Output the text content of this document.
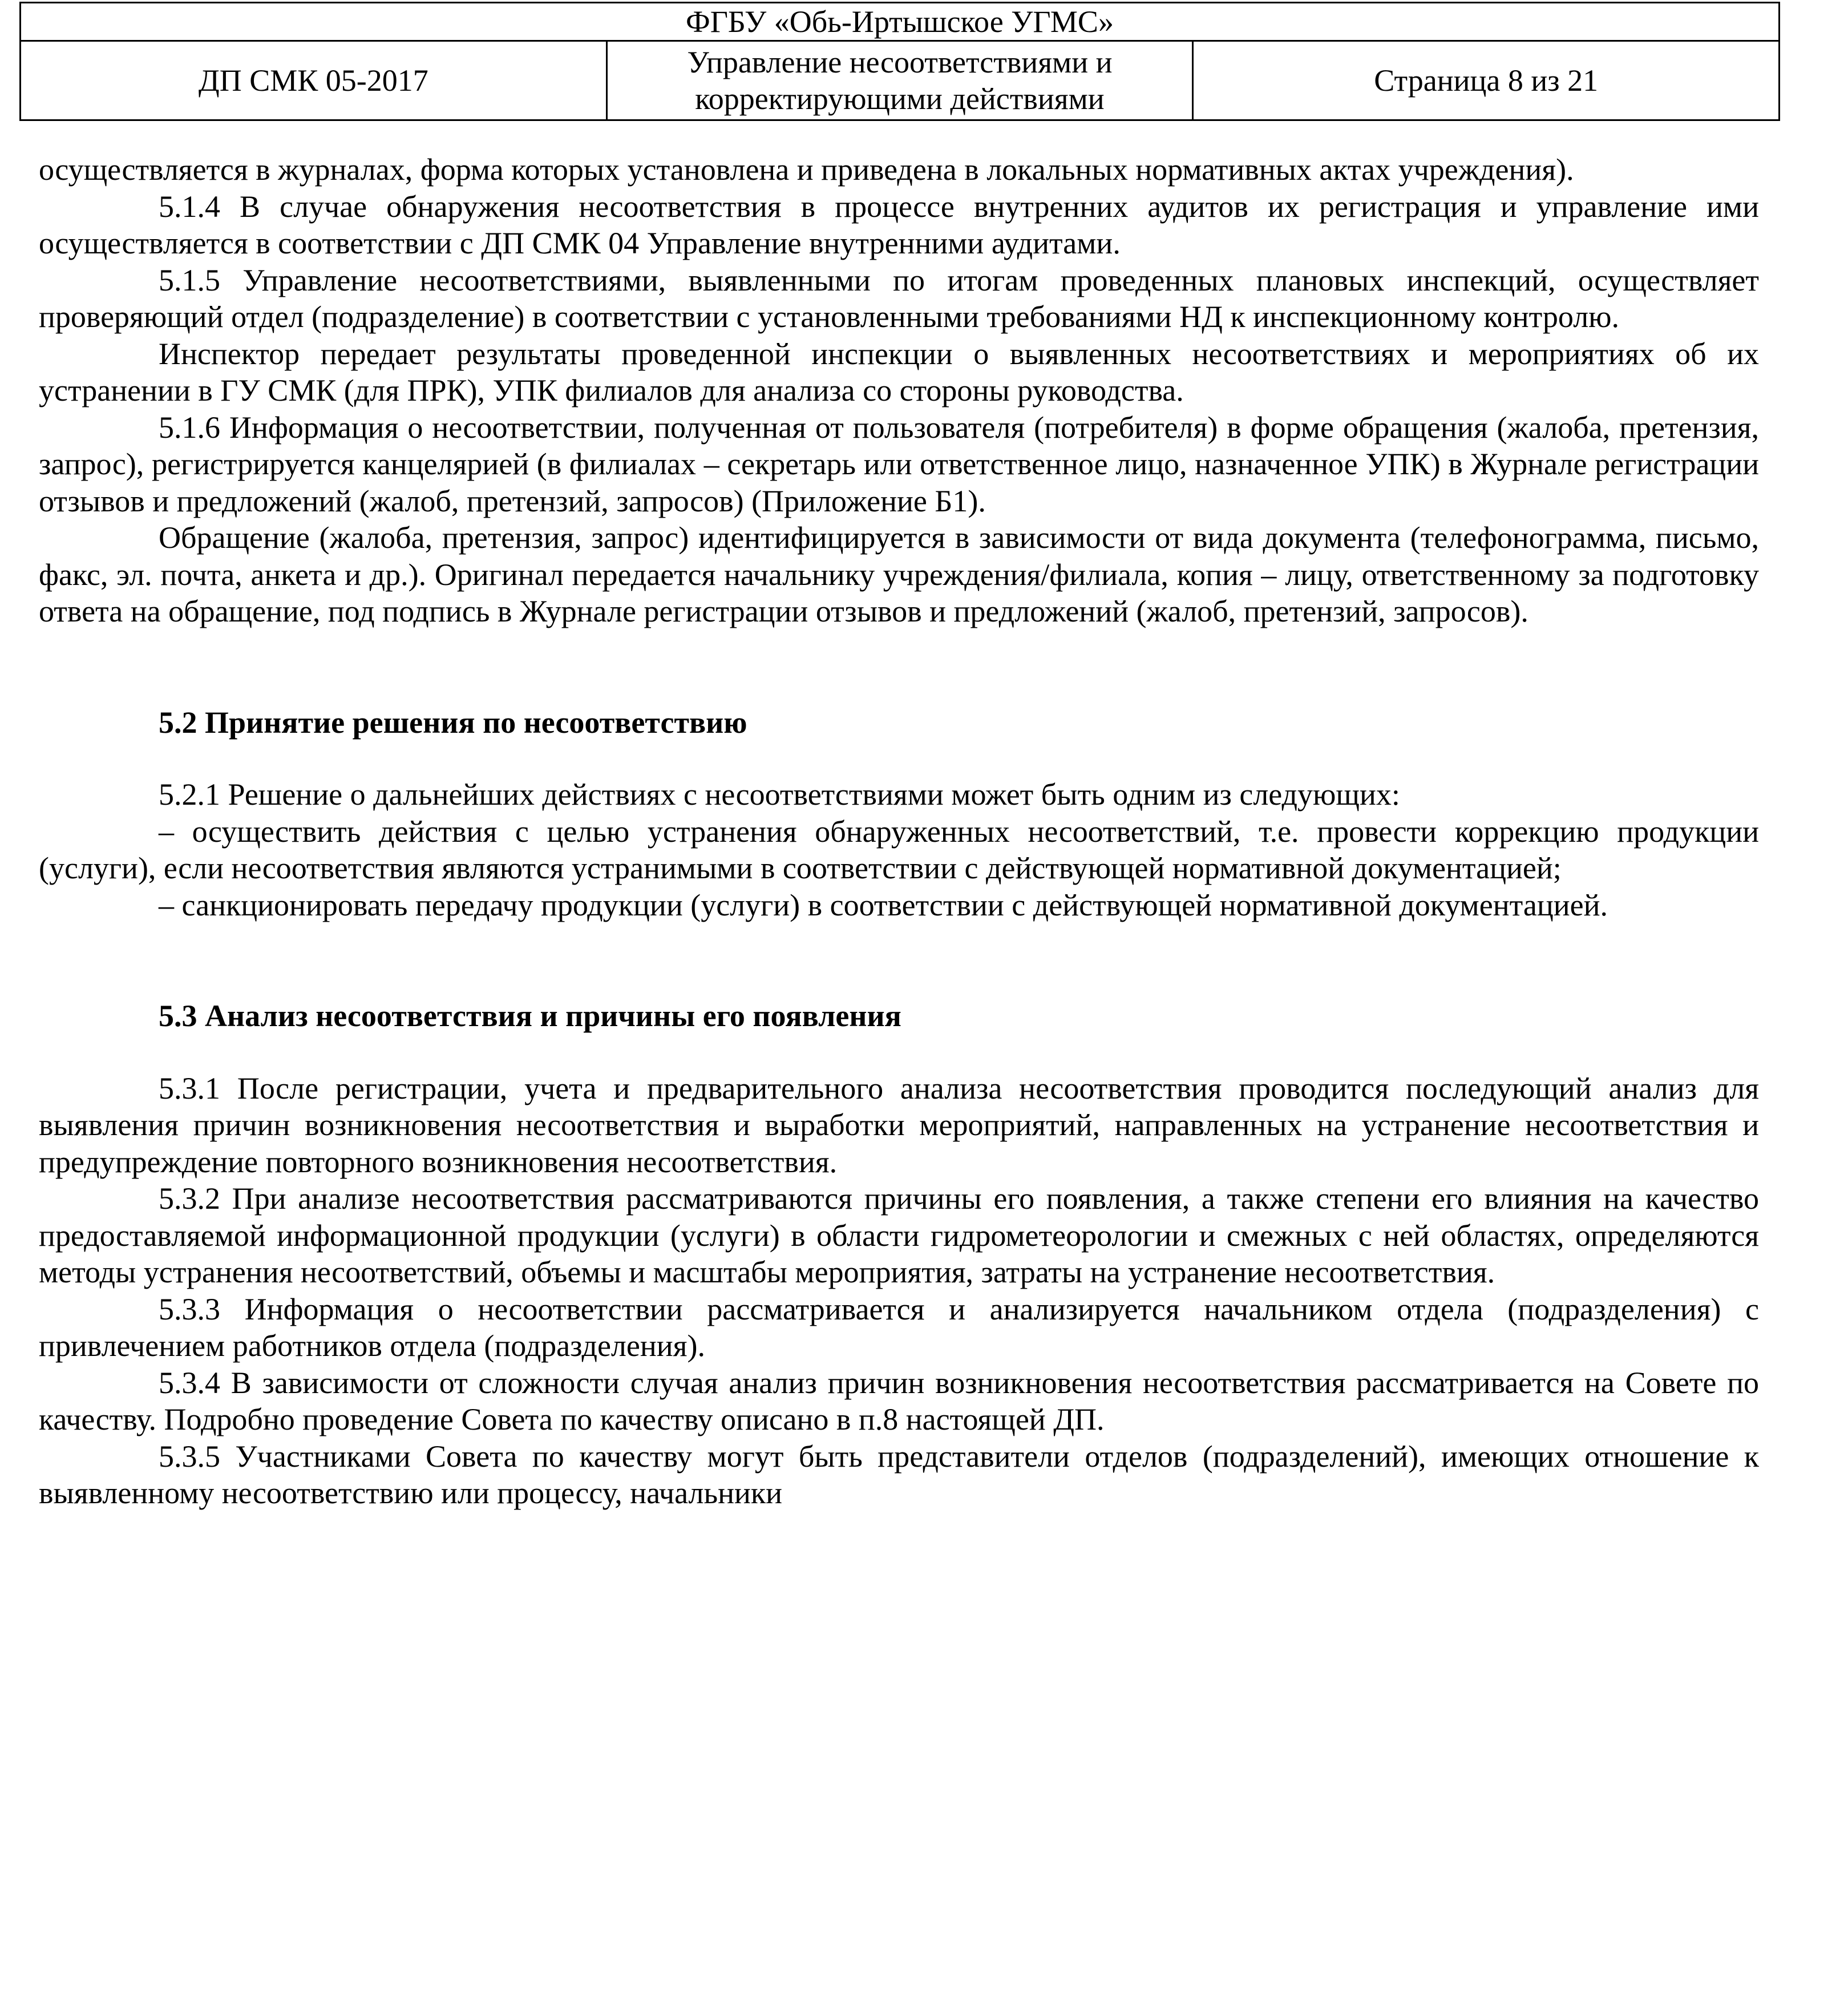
ФГБУ «Обь-Иртышское УГМС»
ДП СМК 05-2017	Управление несоответствиями и корректирующими действиями	Страница 8 из 21

осуществляется в журналах, форма которых установлена и приведена в локальных нормативных актах учреждения).

5.1.4 В случае обнаружения несоответствия в процессе внутренних аудитов их регистрация и управление ими осуществляется в соответствии с ДП СМК 04 Управление внутренними аудитами.

5.1.5 Управление несоответствиями, выявленными по итогам проведенных плановых инспекций, осуществляет проверяющий отдел (подразделение) в соответствии с установленными требованиями НД к инспекционному контролю.

Инспектор передает результаты проведенной инспекции о выявленных несоответствиях и мероприятиях об их устранении в ГУ СМК (для ПРК), УПК филиалов для анализа со стороны руководства.

5.1.6 Информация о несоответствии, полученная от пользователя (потребителя) в форме обращения (жалоба, претензия, запрос), регистрируется канцелярией (в филиалах – секретарь или ответственное лицо, назначенное УПК) в Журнале регистрации отзывов и предложений (жалоб, претензий, запросов) (Приложение Б1).

Обращение (жалоба, претензия, запрос) идентифицируется в зависимости от вида документа (телефонограмма, письмо, факс, эл. почта, анкета и др.). Оригинал передается начальнику учреждения/филиала, копия – лицу, ответственному за подготовку ответа на обращение, под подпись в Журнале регистрации отзывов и предложений (жалоб, претензий, запросов).

5.2 Принятие решения по несоответствию

5.2.1 Решение о дальнейших действиях с несоответствиями может быть одним из следующих:

– осуществить действия с целью устранения обнаруженных несоответствий, т.е. провести коррекцию продукции (услуги), если несоответствия являются устранимыми в соответствии с действующей нормативной документацией;

– санкционировать передачу продукции (услуги) в соответствии с действующей нормативной документацией.

5.3 Анализ несоответствия и причины его появления

5.3.1 После регистрации, учета и предварительного анализа несоответствия проводится последующий анализ для выявления причин возникновения несоответствия и выработки мероприятий, направленных на устранение несоответствия и предупреждение повторного возникновения несоответствия.

5.3.2 При анализе несоответствия рассматриваются причины его появления, а также степени его влияния на качество предоставляемой информационной продукции (услуги) в области гидрометеорологии и смежных с ней областях, определяются методы устранения несоответствий, объемы и масштабы мероприятия, затраты на устранение несоответствия.

5.3.3 Информация о несоответствии рассматривается и анализируется начальником отдела (подразделения) с привлечением работников отдела (подразделения).

5.3.4 В зависимости от сложности случая анализ причин возникновения несоответствия рассматривается на Совете по качеству. Подробно проведение Совета по качеству описано в п.8 настоящей ДП.

5.3.5 Участниками Совета по качеству могут быть представители отделов (подразделений), имеющих отношение к выявленному несоответствию или процессу, начальники
